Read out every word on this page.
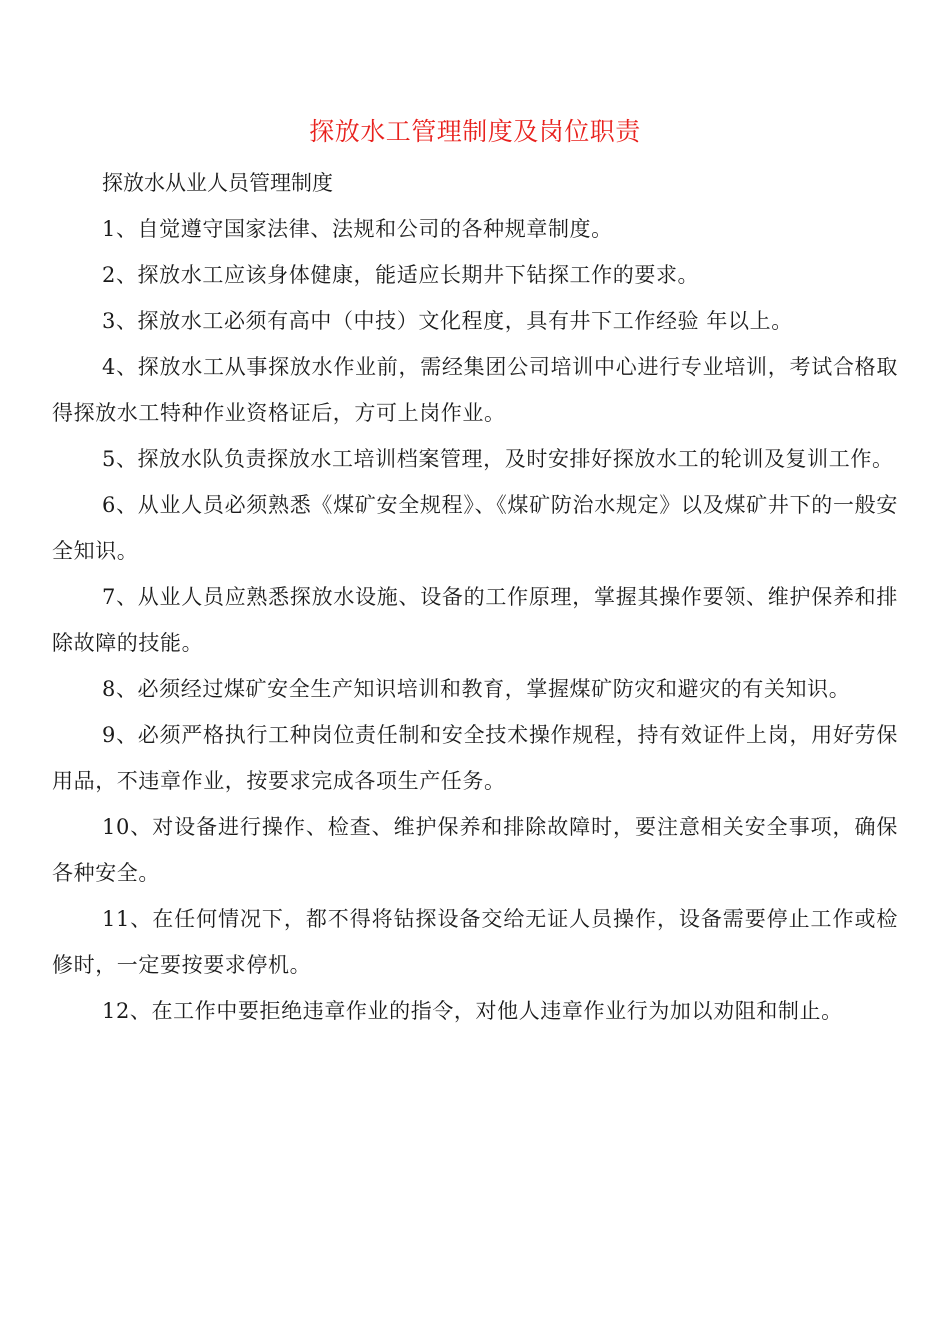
探放水工管理制度及岗位职责
探放水从业人员管理制度

1、自觉遵守国家法律、法规和公司的各种规章制度。

2、探放水工应该身体健康，能适应长期井下钻探工作的要求。

3、探放水工必须有高中（中技）文化程度，具有井下工作经验 年以上。

4、探放水工从事探放水作业前，需经集团公司培训中心进行专业培训，考试合格取得探放水工特种作业资格证后，方可上岗作业。

5、探放水队负责探放水工培训档案管理，及时安排好探放水工的轮训及复训工作。

6、从业人员必须熟悉《煤矿安全规程》、《煤矿防治水规定》以及煤矿井下的一般安全知识。

7、从业人员应熟悉探放水设施、设备的工作原理，掌握其操作要领、维护保养和排除故障的技能。

8、必须经过煤矿安全生产知识培训和教育，掌握煤矿防灾和避灾的有关知识。

9、必须严格执行工种岗位责任制和安全技术操作规程，持有效证件上岗，用好劳保用品，不违章作业，按要求完成各项生产任务。

10、对设备进行操作、检查、维护保养和排除故障时，要注意相关安全事项，确保各种安全。

11、在任何情况下，都不得将钻探设备交给无证人员操作，设备需要停止工作或检修时，一定要按要求停机。

12、在工作中要拒绝违章作业的指令，对他人违章作业行为加以劝阻和制止。
